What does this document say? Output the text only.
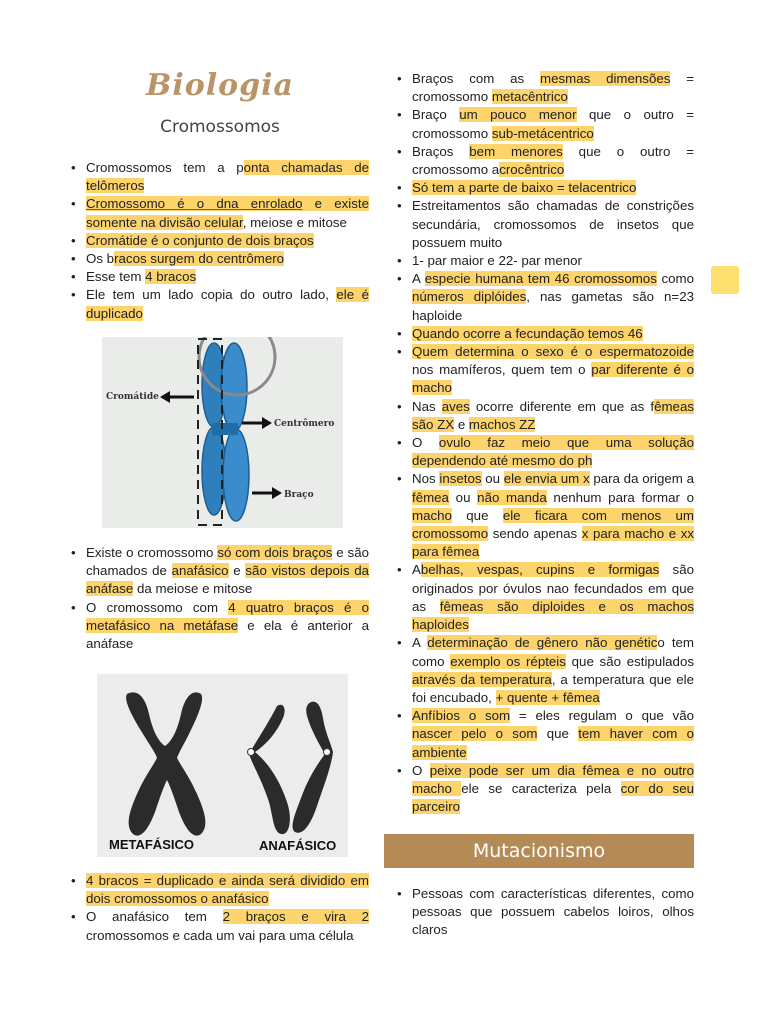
Biologia
Cromossomos
• Cromossomos tem a ponta chamadas de telômeros
• Cromossomo é o dna enrolado e existe somente na divisão celular, meiose e mitose
• Cromátide é o conjunto de dois braços
• Os bracos surgem do centrômero
• Esse tem 4 bracos
• Ele tem um lado copia do outro lado, ele é duplicado
Cromátide
Centrômero
Braço
• Existe o cromossomo só com dois braços e são chamados de anafásico e são vistos depois da anáfase da meiose e mitose
• O cromossomo com 4 quatro braços é o metafásico na metáfase e ela é anterior a anáfase
METAFÁSICO	ANAFÁSICO
• 4 bracos = duplicado e ainda será dividido em dois cromossomos o anafásico
• O anafásico tem 2 braços e vira 2 cromossomos e cada um vai para uma célula
• Braços com as mesmas dimensões = cromossomo metacêntrico
• Braço um pouco menor que o outro = cromossomo sub-metácentrico
• Braços bem menores que o outro = cromossomo acrocêntrico
• Só tem a parte de baixo = telacentrico
• Estreitamentos são chamadas de constrições secundária, cromossomos de insetos que possuem muito
• 1- par maior e 22- par menor
• A especie humana tem 46 cromossomos como números diplóides, nas gametas são n=23 haploide
• Quando ocorre a fecundação temos 46
• Quem determina o sexo é o espermatozoide nos mamíferos, quem tem o par diferente é o macho
• Nas aves ocorre diferente em que as fêmeas são ZX e machos ZZ
• O ovulo faz meio que uma solução dependendo até mesmo do ph
• Nos insetos ou ele envia um x para da origem a fêmea ou não manda nenhum para formar o macho que ele ficara com menos um cromossomo sendo apenas x para macho e xx para fêmea
• Abelhas, vespas, cupins e formigas são originados por óvulos nao fecundados em que as fêmeas são diploides e os machos haploides
• A determinação de gênero não genético tem como exemplo os répteis que são estipulados através da temperatura, a temperatura que ele foi encubado, + quente + fêmea
• Anfíbios o som = eles regulam o que vão nascer pelo o som que tem haver com o ambiente
• O peixe pode ser um dia fêmea e no outro macho ele se caracteriza pela cor do seu parceiro
Mutacionismo
• Pessoas com características diferentes, como pessoas que possuem cabelos loiros, olhos claros
